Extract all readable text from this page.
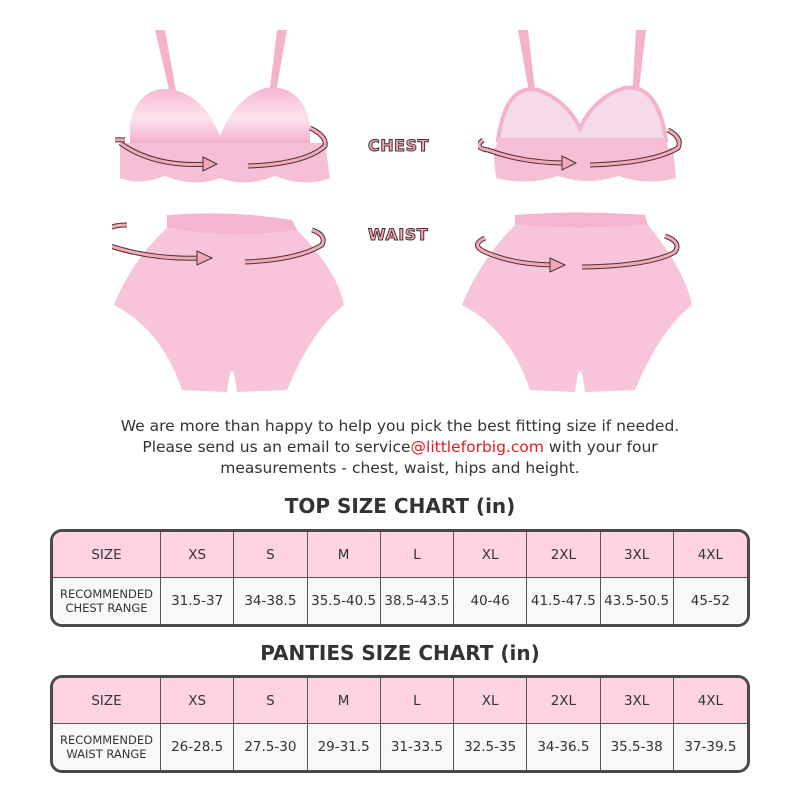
CHEST
WAIST
We are more than happy to help you pick the best fitting size if needed.
Please send us an email to service@littleforbig.com with your four
measurements - chest, waist, hips and height.
TOP SIZE CHART (in)
SIZE	XS	S	M	L	XL	2XL	3XL	4XL

RECOMMENDED
CHEST RANGE	31.5-37	34-38.5	35.5-40.5	38.5-43.5	40-46	41.5-47.5	43.5-50.5	45-52
PANTIES SIZE CHART (in)
SIZE	XS	S	M	L	XL	2XL	3XL	4XL

RECOMMENDED
WAIST RANGE	26-28.5	27.5-30	29-31.5	31-33.5	32.5-35	34-36.5	35.5-38	37-39.5
